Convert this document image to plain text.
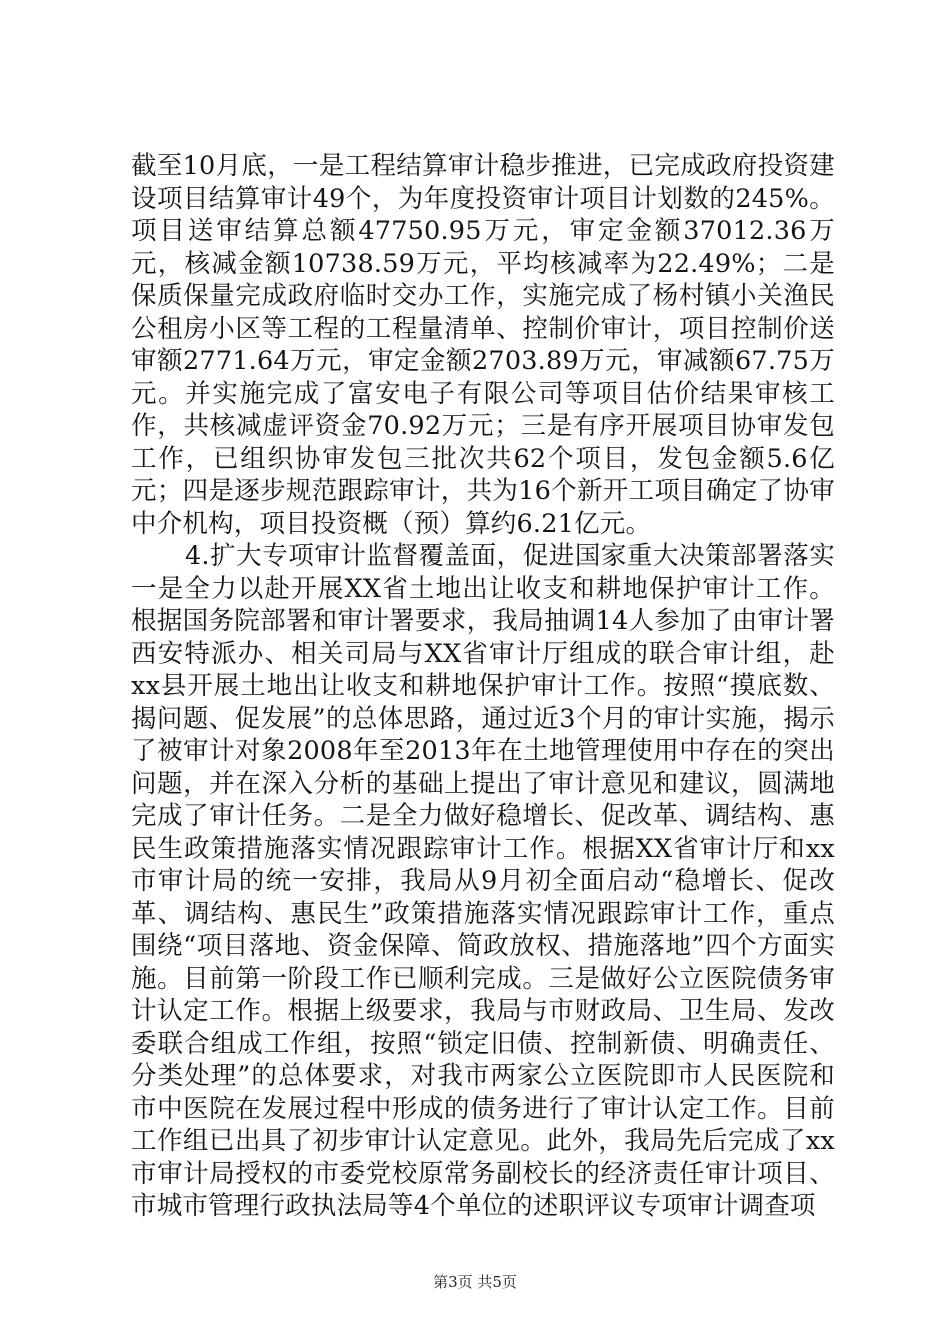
截至10月底，一是工程结算审计稳步推进，已完成政府投资建设项目结算审计49个，为年度投资审计项目计划数的245%。项目送审结算总额47750.95万元，审定金额37012.36万元，核减金额10738.59万元，平均核减率为22.49%；二是保质保量完成政府临时交办工作，实施完成了杨村镇小关渔民公租房小区等工程的工程量清单、控制价审计，项目控制价送审额2771.64万元，审定金额2703.89万元，审减额67.75万元。并实施完成了富安电子有限公司等项目估价结果审核工作，共核减虚评资金70.92万元；三是有序开展项目协审发包工作，已组织协审发包三批次共62个项目，发包金额5.6亿元；四是逐步规范跟踪审计，共为16个新开工项目确定了协审中介机构，项目投资概（预）算约6.21亿元。

4.扩大专项审计监督覆盖面，促进国家重大决策部署落实一是全力以赴开展XX省土地出让收支和耕地保护审计工作。根据国务院部署和审计署要求，我局抽调14人参加了由审计署西安特派办、相关司局与XX省审计厅组成的联合审计组，赴xx县开展土地出让收支和耕地保护审计工作。按照“摸底数、揭问题、促发展”的总体思路，通过近3个月的审计实施，揭示了被审计对象2008年至2013年在土地管理使用中存在的突出问题，并在深入分析的基础上提出了审计意见和建议，圆满地完成了审计任务。二是全力做好稳增长、促改革、调结构、惠民生政策措施落实情况跟踪审计工作。根据XX省审计厅和xx市审计局的统一安排，我局从9月初全面启动“稳增长、促改革、调结构、惠民生”政策措施落实情况跟踪审计工作，重点围绕“项目落地、资金保障、简政放权、措施落地”四个方面实施。目前第一阶段工作已顺利完成。三是做好公立医院债务审计认定工作。根据上级要求，我局与市财政局、卫生局、发改委联合组成工作组，按照“锁定旧债、控制新债、明确责任、分类处理”的总体要求，对我市两家公立医院即市人民医院和市中医院在发展过程中形成的债务进行了审计认定工作。目前工作组已出具了初步审计认定意见。此外，我局先后完成了xx市审计局授权的市委党校原常务副校长的经济责任审计项目、市城市管理行政执法局等4个单位的述职评议专项审计调查项

第3页 共5页
